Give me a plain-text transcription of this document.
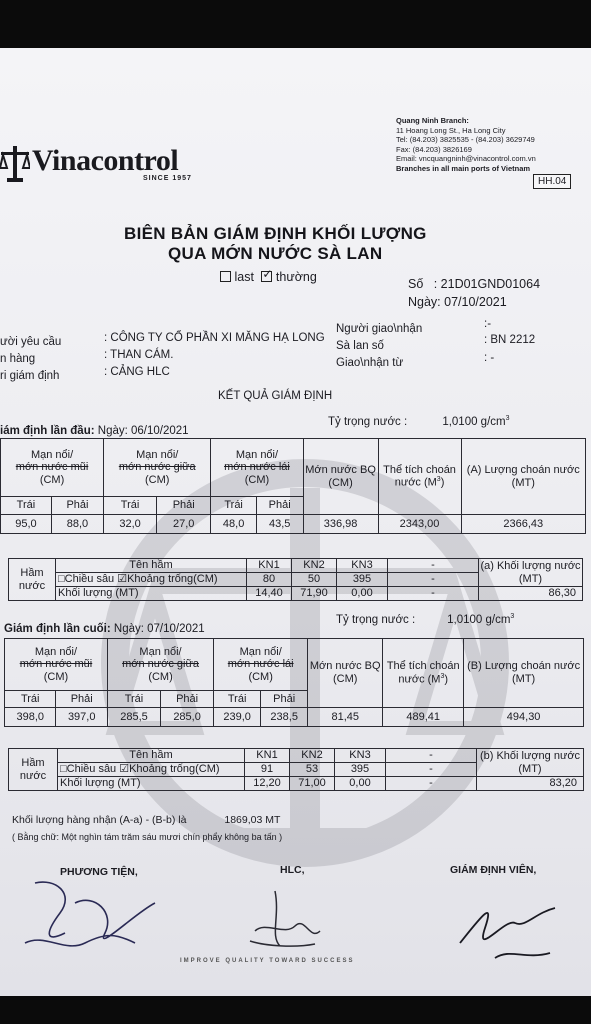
Vinacontrol
SINCE 1957
Quang Ninh Branch:
11 Hoang Long St., Ha Long City
Tel: (84.203) 3825535 - (84.203) 3629749
Fax: (84.203) 3826169
Email: vncquangninh@vinacontrol.com.vn
Branches in all main ports of Vietnam
HH.04
BIÊN BẢN GIÁM ĐỊNH KHỐI LƯỢNG
QUA MỚN NƯỚC SÀ LAN
last ✓ thường	Số : 21D01GND01064
Ngày: 07/10/2021
ười yêu cầu	: CÔNG TY CỔ PHẦN XI MĂNG HẠ LONG
n hàng	: THAN CÁM.
ri giám định	: CẢNG HLC
Người giao\nhận	:-
Sà lan số	: BN 2212
Giao\nhận từ	: -
KẾT QUẢ GIÁM ĐỊNH
iám định lần đầu: Ngày: 06/10/2021
Tỷ trọng nước :	1,0100 $g/cm^3$
Mạn nổi/
mớn nước mũi
(CM)		Mạn nổi/
mớn nước giữa
(CM)		Mạn nổi/
mớn nước lái
(CM)		Mớn nước BQ (CM)	Thể tích choán nước $(M^3)$	(A) Lượng choán nước (MT)
Trái	Phải	Trái	Phải	Trái	Phải			
95,0	88,0	32,0	27,0	48,0	43,5	336,98	2343,00	2366,43
Hầm nước	Tên hầm	KN1	KN2	KN3	-	(a) Khối lượng nước (MT)
	□Chiều sâu ☑Khoảng trống(CM)	80	50	395	-	
	Khối lượng (MT)	14,40	71,90	0,00	-	86,30
Giám định lần cuối: Ngày: 07/10/2021
Tỷ trọng nước :	1,0100 $g/cm^3$
Mạn nổi/
mớn nước mũi
(CM)		Mạn nổi/
mớn nước giữa
(CM)		Mạn nổi/
mớn nước lái
(CM)		Mớn nước BQ (CM)	Thể tích choán nước $(M^3)$	(B) Lượng choán nước (MT)
Trái	Phải	Trái	Phải	Trái	Phải			
398,0	397,0	285,5	285,0	239,0	238,5	81,45	489,41	494,30
Hầm nước	Tên hầm	KN1	KN2	KN3	-	(b) Khối lượng nước (MT)
	□Chiều sâu ☑Khoảng trống(CM)	91	53	395	-	
	Khối lượng (MT)	12,20	71,00	0,00	-	83,20
Khối lượng hàng nhận (A-a) - (B-b) là	1869,03 MT
( Bằng chữ: Một nghìn tám trăm sáu mươi chín phẩy không ba tấn )
PHƯƠNG TIỆN,	HLC,	GIÁM ĐỊNH VIÊN,
IMPROVE QUALITY TOWARD SUCCESS
